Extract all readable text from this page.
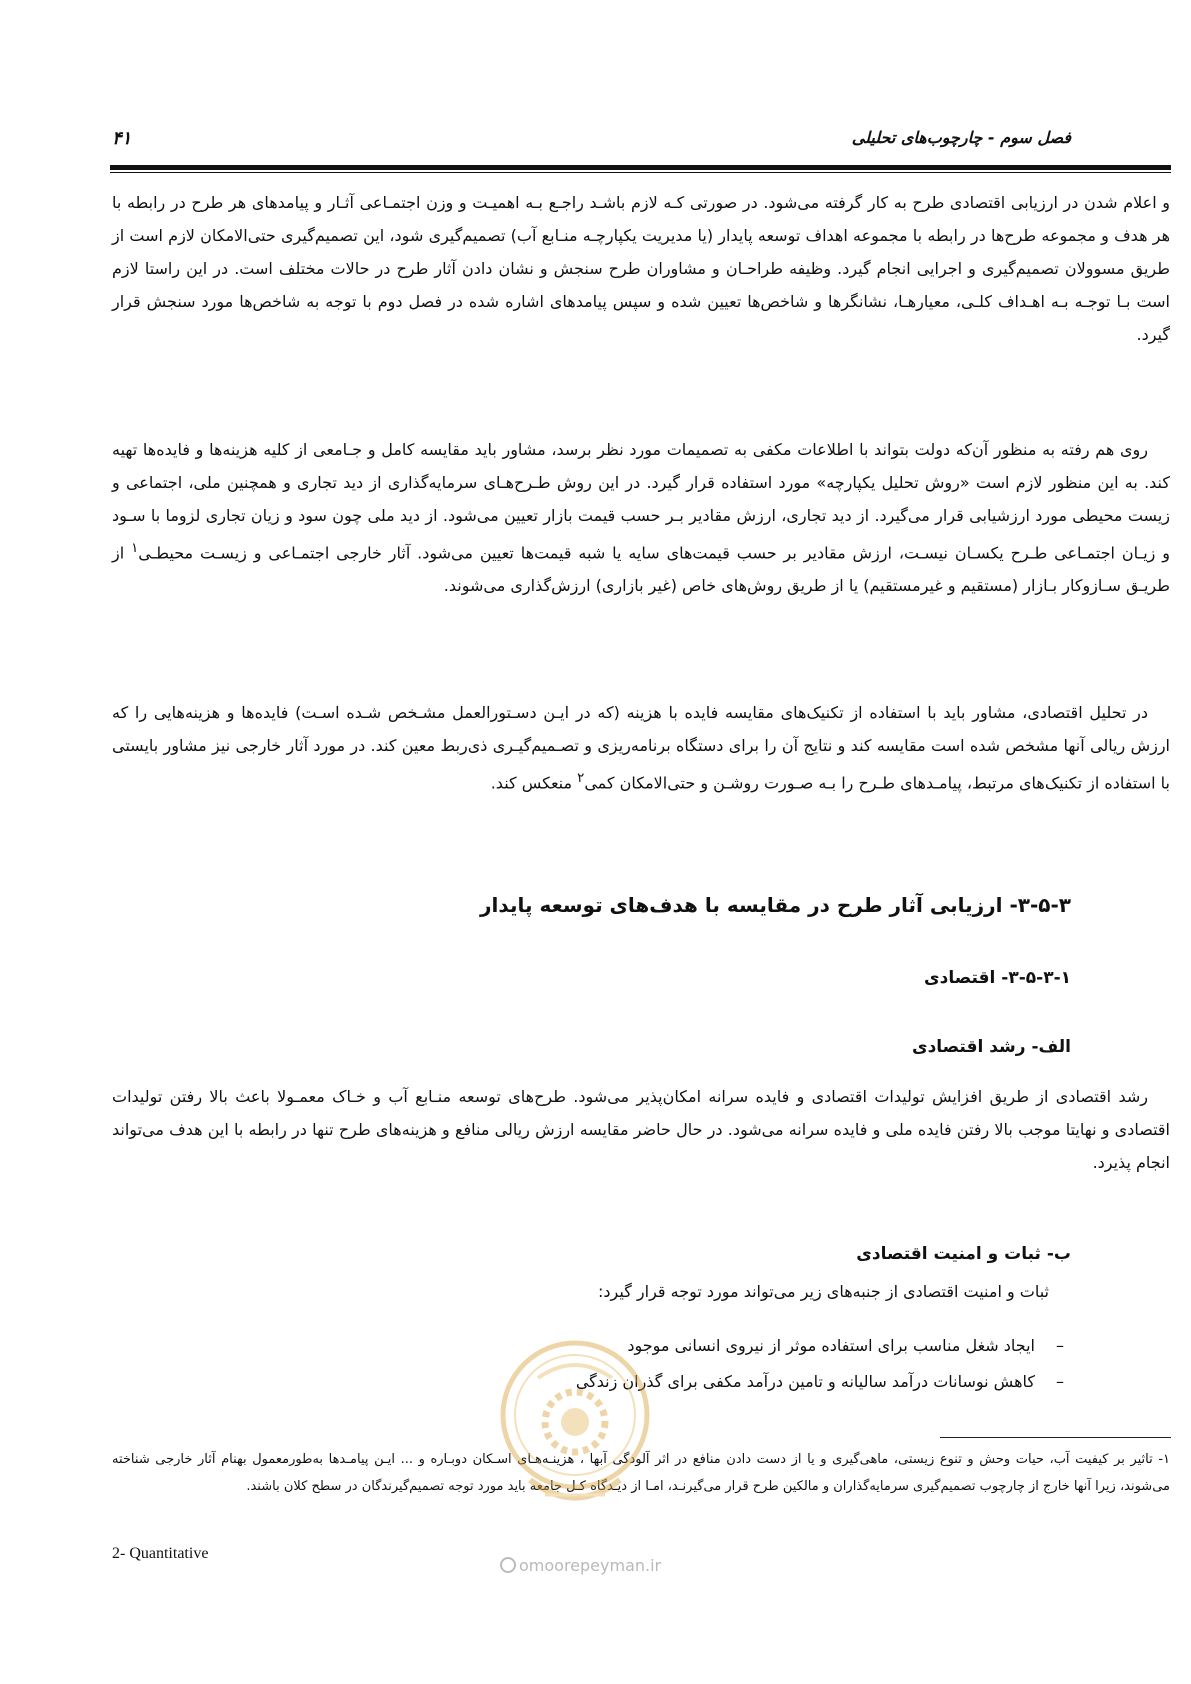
فصل سوم - چارچوب‌های تحلیلی
۴۱
و اعلام شدن در ارزیابی اقتصادی طرح به کار گرفته می‌شود. در صورتی کـه لازم باشـد راجـع بـه اهمیـت و وزن اجتمـاعی آثـار و پیامدهای هر طرح در رابطه با هر هدف و مجموعه طرح‌ها در رابطه با مجموعه اهداف توسعه پایدار (یا مدیریت یکپارچـه منـابع آب) تصمیم‌گیری شود، این تصمیم‌گیری حتی‌الامکان لازم است از طریق مسوولان تصمیم‌گیری و اجرایی انجام گیرد. وظیفه طراحـان و مشاوران طرح سنجش و نشان دادن آثار طرح در حالات مختلف است. در این راستا لازم است بـا توجـه بـه اهـداف کلـی، معیارهـا، نشانگرها و شاخص‌ها تعیین شده و سپس پیامدهای اشاره شده در فصل دوم با توجه به شاخص‌ها مورد سنجش قرار گیرد.
روی هم رفته به منظور آن‌که دولت بتواند با اطلاعات مکفی به تصمیمات مورد نظر برسد، مشاور باید مقایسه کامل و جـامعی از کلیه هزینه‌ها و فایده‌ها تهیه کند. به این منظور لازم است «روش تحلیل یکپارچه» مورد استفاده قرار گیرد. در این روش طـرح‌هـای سرمایه‌گذاری از دید تجاری و همچنین ملی، اجتماعی و زیست محیطی مورد ارزشیابی قرار می‌گیرد. از دید تجاری، ارزش مقادیر بـر حسب قیمت بازار تعیین می‌شود. از دید ملی چون سود و زیان تجاری لزوما با سـود و زیـان اجتمـاعی طـرح یکسـان نیسـت، ارزش مقادیر بر حسب قیمت‌های سایه یا شبه قیمت‌ها تعیین می‌شود. آثار خارجی اجتمـاعی و زیسـت محیطـی$^۱$ از طریـق سـازوکار بـازار (مستقیم و غیرمستقیم) یا از طریق روش‌های خاص (غیر بازاری) ارزش‌گذاری می‌شوند.
در تحلیل اقتصادی، مشاور باید با استفاده از تکنیک‌های مقایسه فایده با هزینه (که در ایـن دسـتورالعمل مشـخص شـده اسـت) فایده‌ها و هزینه‌هایی را که ارزش ریالی آنها مشخص شده است مقایسه کند و نتایج آن را برای دستگاه برنامه‌ریزی و تصـمیم‌گیـری ذی‌ربط معین کند. در مورد آثار خارجی نیز مشاور بایستی با استفاده از تکنیک‌های مرتبط، پیامـدهای طـرح را بـه صـورت روشـن و حتی‌الامکان کمی$^۲$ منعکس کند.
۳-۵-۳- ارزیابی آثار طرح در مقایسه با هدف‌های توسعه پایدار
۳-۵-۳-۱- اقتصادی
الف- رشد اقتصادی
رشد اقتصادی از طریق افزایش تولیدات اقتصادی و فایده سرانه امکان‌پذیر می‌شود. طرح‌های توسعه منـابع آب و خـاک معمـولا باعث بالا رفتن تولیدات اقتصادی و نهایتا موجب بالا رفتن فایده ملی و فایده سرانه می‌شود. در حال حاضر مقایسه ارزش ریالی منافع و هزینه‌های طرح تنها در رابطه با این هدف می‌تواند انجام پذیرد.
ب- ثبات و امنیت اقتصادی
ثبات و امنیت اقتصادی از جنبه‌های زیر می‌تواند مورد توجه قرار گیرد:
–ایجاد شغل مناسب برای استفاده موثر از نیروی انسانی موجود
–کاهش نوسانات درآمد سالیانه و تامین درآمد مکفی برای گذران زندگی
۱- تاثیر بر کیفیت آب، حیات وحش و تنوع زیستی، ماهی‌گیری و یا از دست دادن منافع در اثر آلودگی آبها ، هزینـه‌هـای اسـکان دوبـاره و ... ایـن پیامـدها به‌طورمعمول بهنام آثار خارجی شناخته می‌شوند، زیرا آنها خارج از چارچوب تصمیم‌گیری سرمایه‌گذاران و مالکین طرح قرار می‌گیرنـد، امـا از دیـدگاه کـل جامعه باید مورد توجه تصمیم‌گیرندگان در سطح کلان باشند.
2- Quantitative
omoorepeyman.ir
